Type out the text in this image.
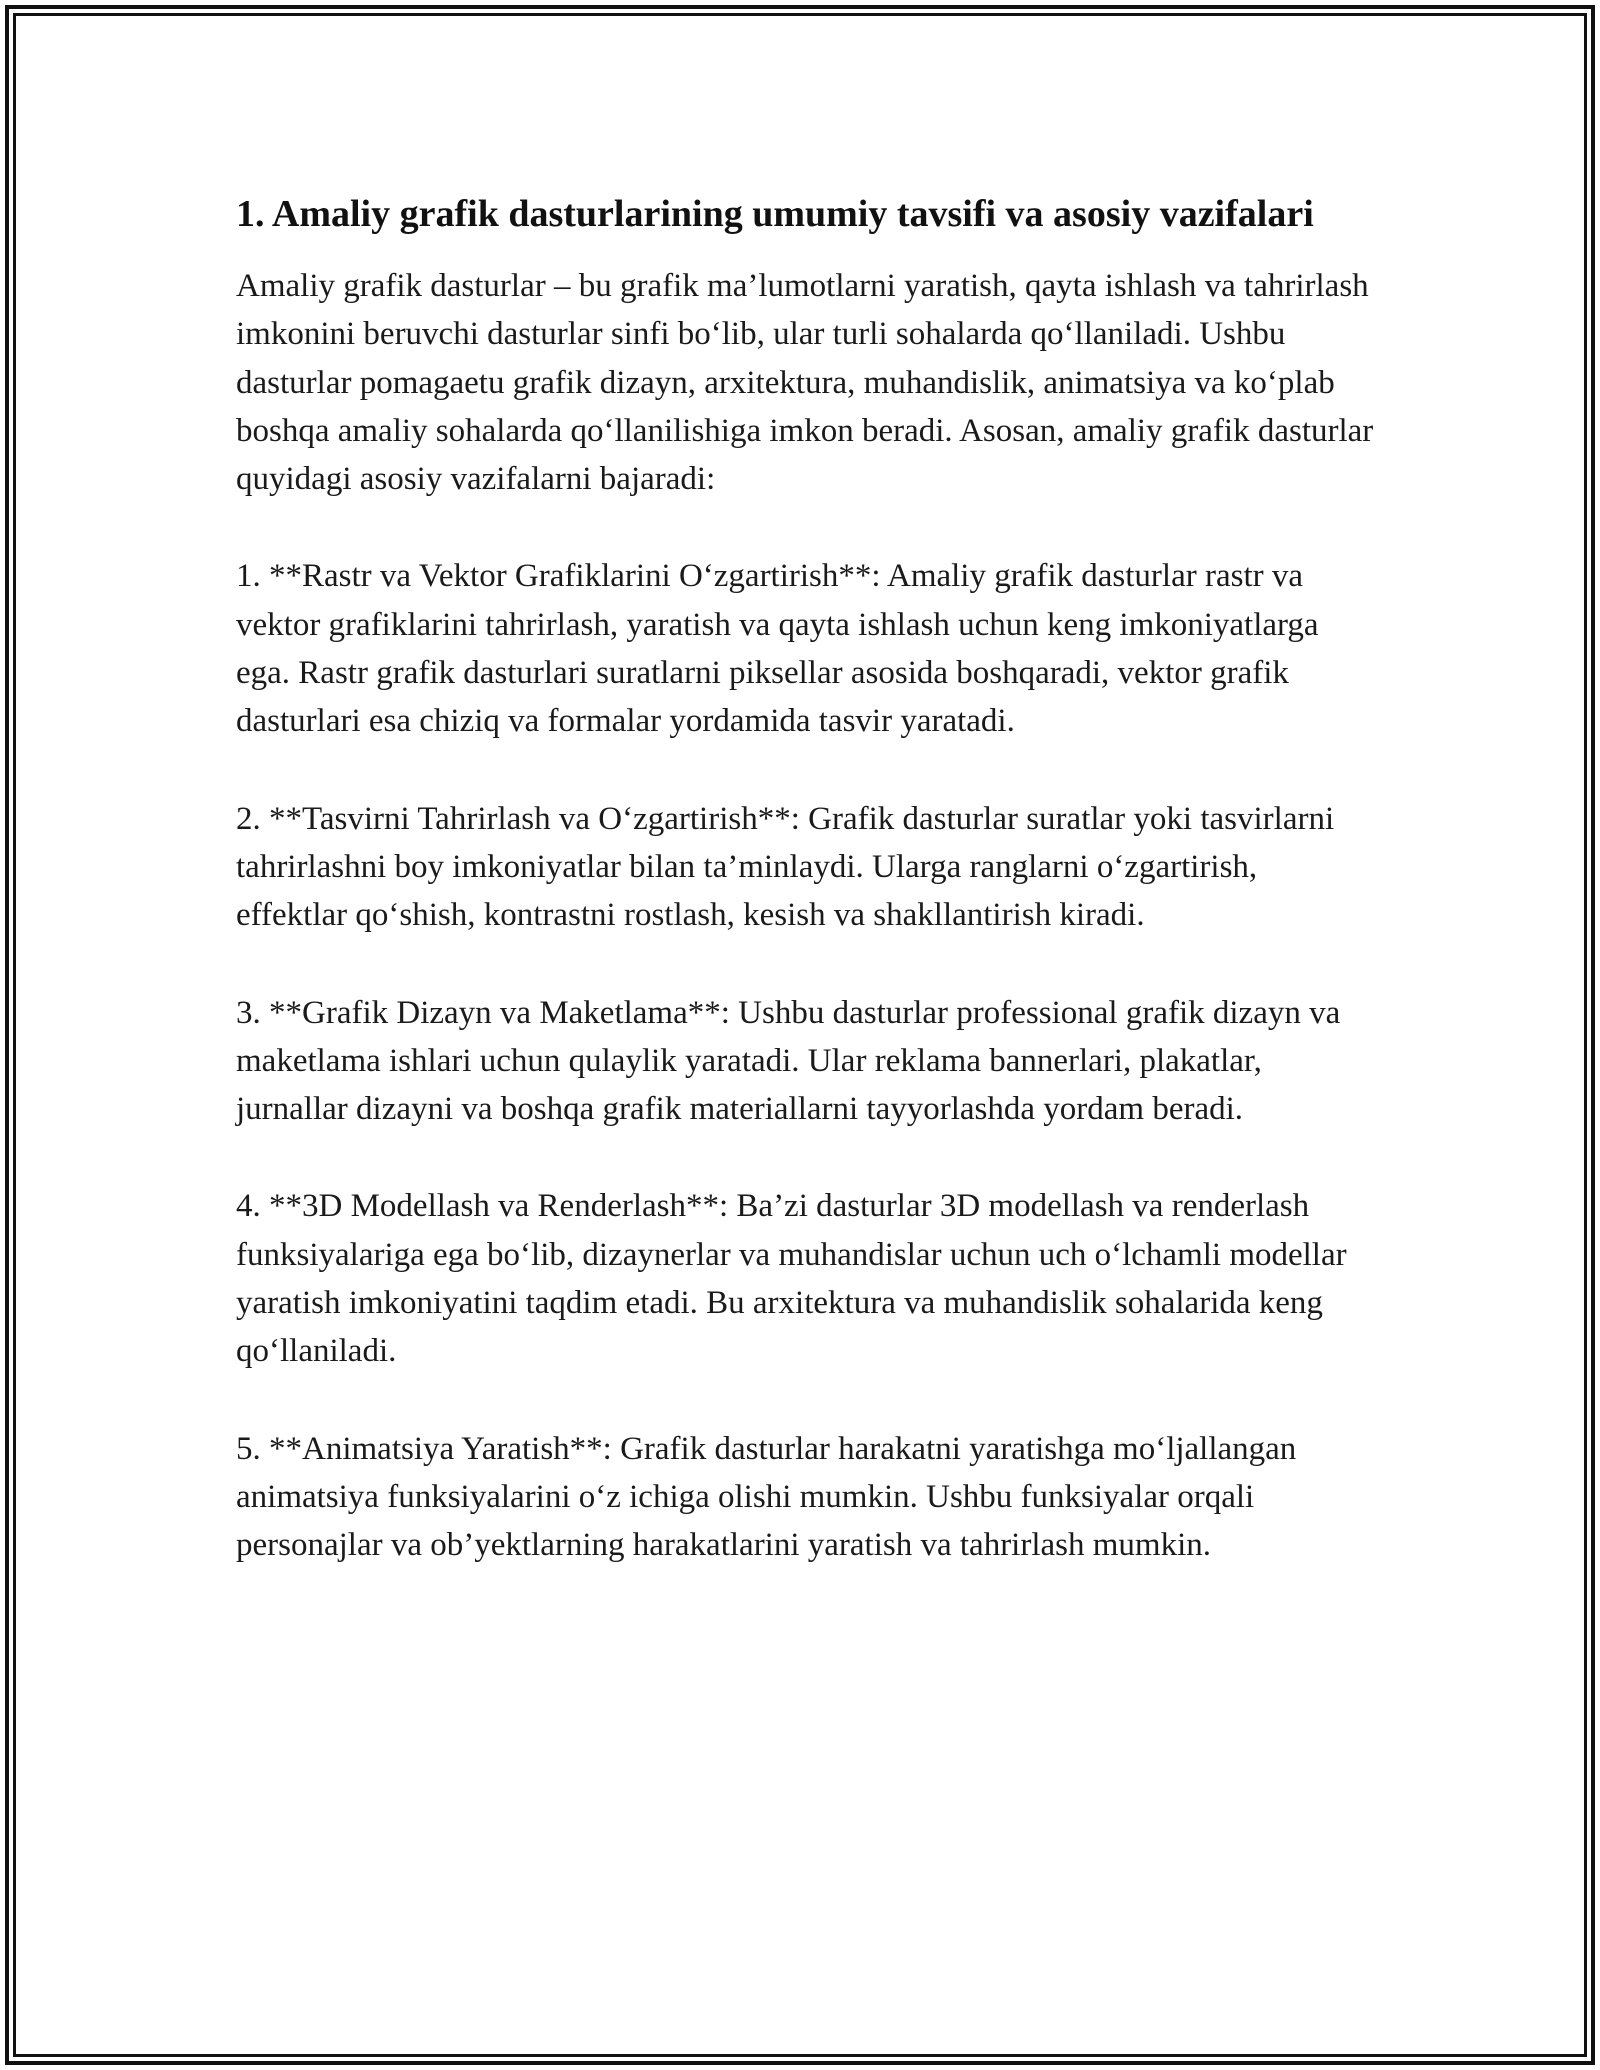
1. Amaliy grafik dasturlarining umumiy tavsifi va asosiy vazifalari

Amaliy grafik dasturlar – bu grafik ma’lumotlarni yaratish, qayta ishlash va tahrirlash imkonini beruvchi dasturlar sinfi bo‘lib, ular turli sohalarda qo‘llaniladi. Ushbu dasturlar pomagaetu grafik dizayn, arxitektura, muhandislik, animatsiya va ko‘plab boshqa amaliy sohalarda qo‘llanilishiga imkon beradi. Asosan, amaliy grafik dasturlar quyidagi asosiy vazifalarni bajaradi:

1. **Rastr va Vektor Grafiklarini O‘zgartirish**: Amaliy grafik dasturlar rastr va vektor grafiklarini tahrirlash, yaratish va qayta ishlash uchun keng imkoniyatlarga ega. Rastr grafik dasturlari suratlarni piksellar asosida boshqaradi, vektor grafik dasturlari esa chiziq va formalar yordamida tasvir yaratadi.

2. **Tasvirni Tahrirlash va O‘zgartirish**: Grafik dasturlar suratlar yoki tasvirlarni tahrirlashni boy imkoniyatlar bilan ta’minlaydi. Ularga ranglarni o‘zgartirish, effektlar qo‘shish, kontrastni rostlash, kesish va shakllantirish kiradi.

3. **Grafik Dizayn va Maketlama**: Ushbu dasturlar professional grafik dizayn va maketlama ishlari uchun qulaylik yaratadi. Ular reklama bannerlari, plakatlar, jurnallar dizayni va boshqa grafik materiallarni tayyorlashda yordam beradi.

4. **3D Modellash va Renderlash**: Ba’zi dasturlar 3D modellash va renderlash funksiyalariga ega bo‘lib, dizaynerlar va muhandislar uchun uch o‘lchamli modellar yaratish imkoniyatini taqdim etadi. Bu arxitektura va muhandislik sohalarida keng qo‘llaniladi.

5. **Animatsiya Yaratish**: Grafik dasturlar harakatni yaratishga mo‘ljallangan animatsiya funksiyalarini o‘z ichiga olishi mumkin. Ushbu funksiyalar orqali personajlar va ob’yektlarning harakatlarini yaratish va tahrirlash mumkin.
